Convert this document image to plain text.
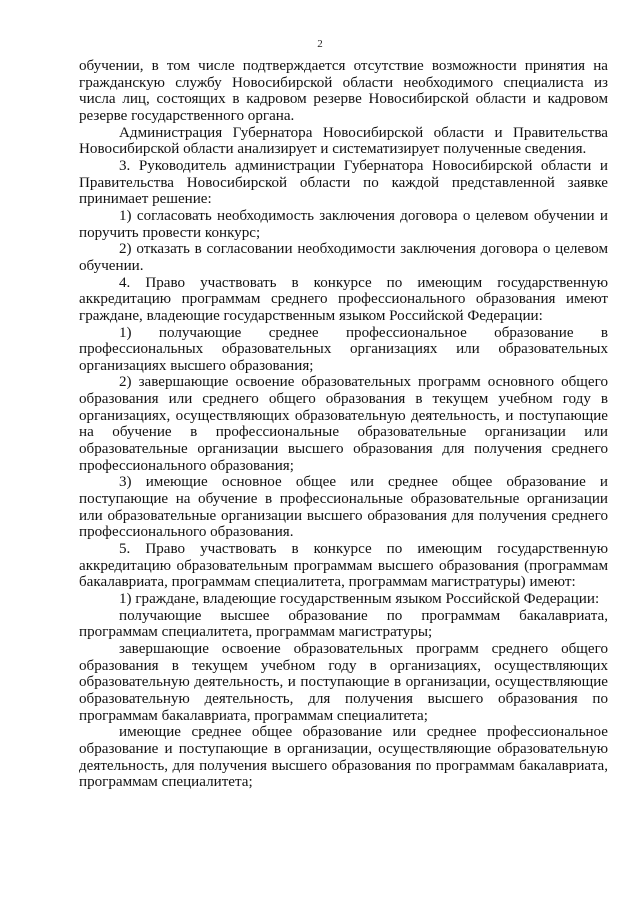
2

обучении, в том числе подтверждается отсутствие возможности принятия на гражданскую службу Новосибирской области необходимого специалиста из числа лиц, состоящих в кадровом резерве Новосибирской области и кадровом резерве государственного органа.

Администрация Губернатора Новосибирской области и Правительства Новосибирской области анализирует и систематизирует полученные сведения.

3. Руководитель администрации Губернатора Новосибирской области и Правительства Новосибирской области по каждой представленной заявке принимает решение:

1) согласовать необходимость заключения договора о целевом обучении и поручить провести конкурс;

2) отказать в согласовании необходимости заключения договора о целевом обучении.

4. Право участвовать в конкурсе по имеющим государственную аккредитацию программам среднего профессионального образования имеют граждане, владеющие государственным языком Российской Федерации:

1) получающие среднее профессиональное образование в профессиональных образовательных организациях или образовательных организациях высшего образования;

2) завершающие освоение образовательных программ основного общего образования или среднего общего образования в текущем учебном году в организациях, осуществляющих образовательную деятельность, и поступающие на обучение в профессиональные образовательные организации или образовательные организации высшего образования для получения среднего профессионального образования;

3) имеющие основное общее или среднее общее образование и поступающие на обучение в профессиональные образовательные организации или образовательные организации высшего образования для получения среднего профессионального образования.

5. Право участвовать в конкурсе по имеющим государственную аккредитацию образовательным программам высшего образования (программам бакалавриата, программам специалитета, программам магистратуры) имеют:

1) граждане, владеющие государственным языком Российской Федерации:

получающие высшее образование по программам бакалавриата, программам специалитета, программам магистратуры;

завершающие освоение образовательных программ среднего общего образования в текущем учебном году в организациях, осуществляющих образовательную деятельность, и поступающие в организации, осуществляющие образовательную деятельность, для получения высшего образования по программам бакалавриата, программам специалитета;

имеющие среднее общее образование или среднее профессиональное образование и поступающие в организации, осуществляющие образовательную деятельность, для получения высшего образования по программам бакалавриата, программам специалитета;
